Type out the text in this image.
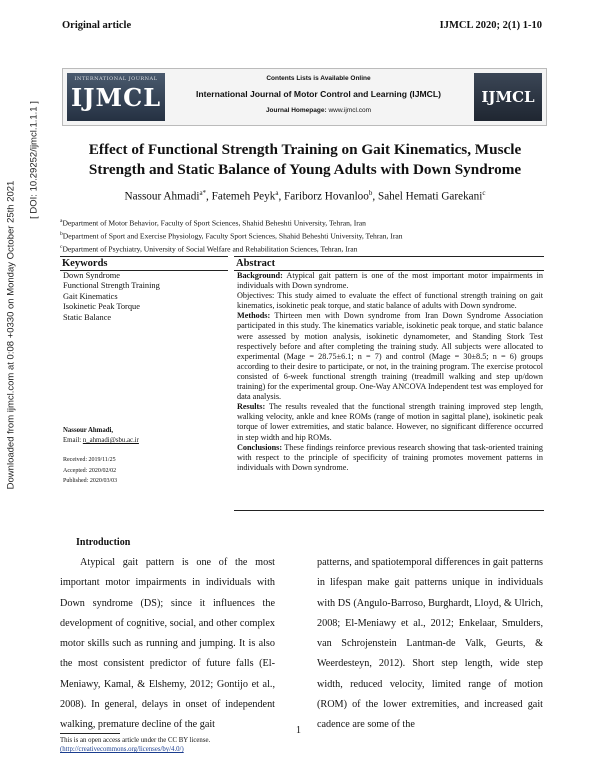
Original article	IJMCL 2020; 2(1) 1-10
Downloaded from ijmcl.com at 0:08 +0330 on Monday October 25th 2021
[ DOI: 10.29252/ijmcl.1.1.1 ]
INTERNATIONAL JOURNAL
IJMCL
Contents Lists is Available Online
International Journal of Motor Control and Learning (IJMCL)
Journal Homepage: www.ijmcl.com
IJMCL
Effect of Functional Strength Training on Gait Kinematics, Muscle Strength and Static Balance of Young Adults with Down Syndrome
Nassour Ahmadi$^{a*}$, Fatemeh Peyk$^a$, Fariborz Hovanloo$^b$, Sahel Hemati Garekani$^c$
$^a$Department of Motor Behavior, Faculty of Sport Sciences, Shahid Beheshti University, Tehran, Iran
$^b$Department of Sport and Exercise Physiology, Faculty Sport Sciences, Shahid Beheshti University, Tehran, Iran
$^c$Department of Psychiatry, University of Social Welfare and Rehabilitation Sciences, Tehran, Iran
Keywords
Down Syndrome
Functional Strength Training
Gait Kinematics
Isokinetic Peak Torque
Static Balance
Nassour Ahmadi,
Email: n_ahmadi@sbu.ac.ir
Received: 2019/11/25
Accepted: 2020/02/02
Published: 2020/03/03
Abstract

Background: Atypical gait pattern is one of the most important motor impairments in individuals with Down syndrome.

Objectives: This study aimed to evaluate the effect of functional strength training on gait kinematics, isokinetic peak torque, and static balance of adults with Down syndrome.

Methods: Thirteen men with Down syndrome from Iran Down Syndrome Association participated in this study. The kinematics variable, isokinetic peak torque, and static balance were assessed by motion analysis, isokinetic dynamometer, and Standing Stork Test respectively before and after completing the training study. All subjects were allocated to experimental (Mage = 28.75±6.1; n = 7) and control (Mage = 30±8.5; n = 6) groups according to their desire to participate, or not, in the training program. The exercise protocol consisted of 6-week functional strength training (treadmill walking and step up/down training) for the experimental group. One-Way ANCOVA Independent test was employed for data analysis.

Results: The results revealed that the functional strength training improved step length, walking velocity, ankle and knee ROMs (range of motion in sagittal plane), isokinetic peak torque of lower extremities, and static balance. However, no significant difference occurred in step width and hip ROMs.

Conclusions: These findings reinforce previous research showing that task-oriented training with respect to the principle of specificity of training promotes movement patterns in individuals with Down syndrome.

Introduction
Atypical gait pattern is one of the most important motor impairments in individuals with Down syndrome (DS); since it influences the development of cognitive, social, and other complex motor skills such as running and jumping. It is also the most consistent predictor of future falls (El-Meniawy, Kamal, & Elshemy, 2012; Gontijo et al., 2008). In general, delays in onset of independent walking, premature decline of the gait
patterns, and spatiotemporal differences in gait patterns in lifespan make gait patterns unique in individuals with DS (Angulo-Barroso, Burghardt, Lloyd, & Ulrich, 2008; El-Meniawy et al., 2012; Enkelaar, Smulders, van Schrojenstein Lantman-de Valk, Geurts, & Weerdesteyn, 2012). Short step length, wide step width, reduced velocity, limited range of motion (ROM) of the lower extremities, and increased gait cadence are some of the
1
This is an open access article under the CC BY license.
(http://creativecommons.org/licenses/by/4.0/)
